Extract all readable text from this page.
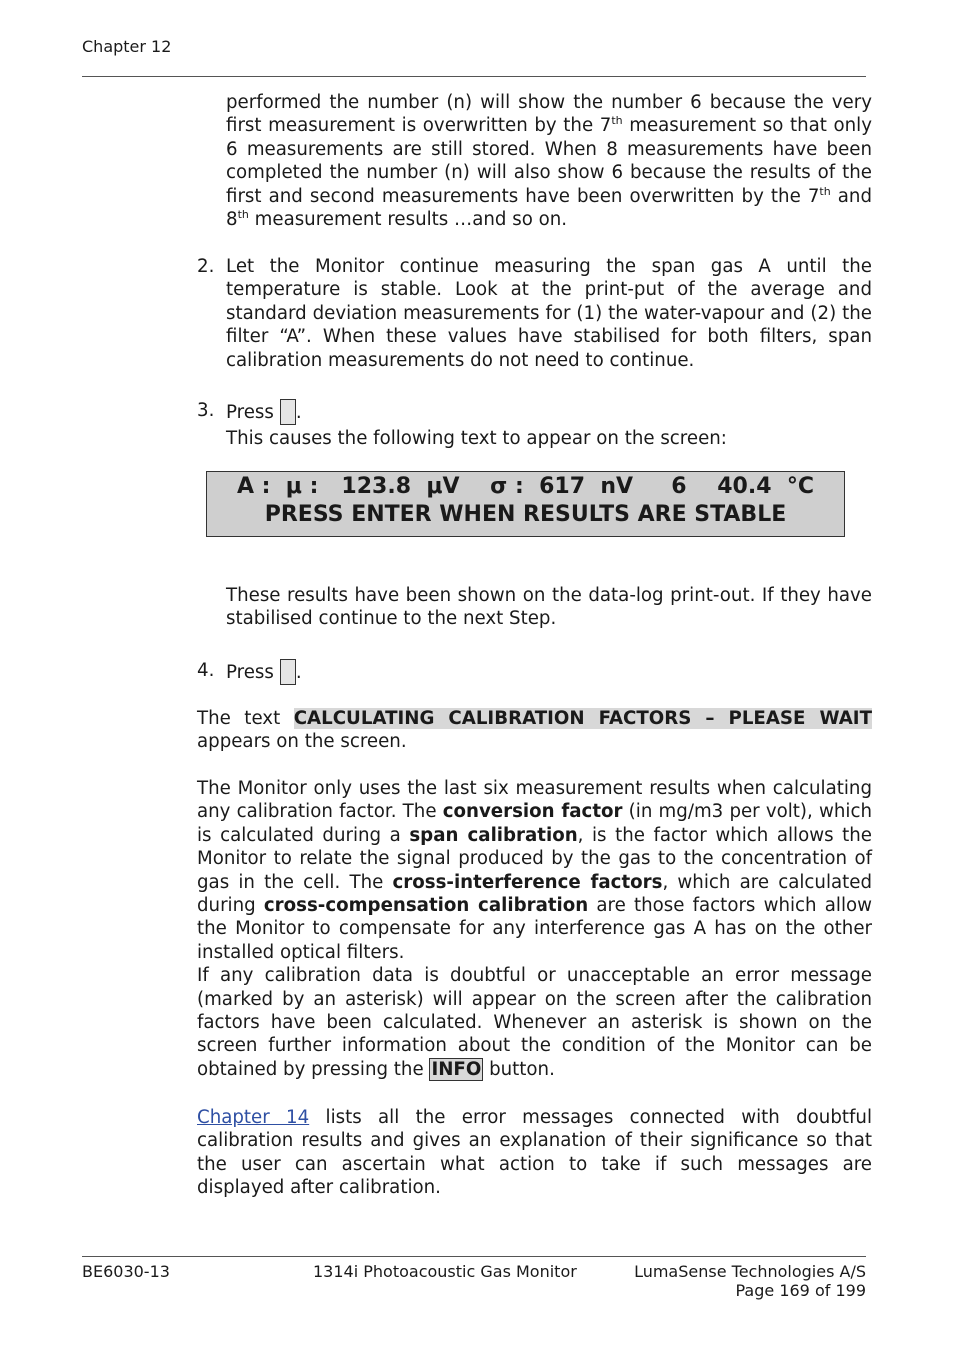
Chapter 12

performed the number (n) will show the number 6 because the very first measurement is overwritten by the 7th measurement so that only 6 measurements are still stored. When 8 measurements have been completed the number (n) will also show 6 because the results of the first and second measurements have been overwritten by the 7th and 8th measurement results …and so on.

2. Let the Monitor continue measuring the span gas A until the temperature is stable. Look at the print-put of the average and standard deviation measurements for (1) the water-vapour and (2) the filter “A”. When these values have stabilised for both filters, span calibration measurements do not need to continue.

3. Press .
This causes the following text to appear on the screen:
A :  μ :   123.8  μV    σ :  617  nV     6    40.4  °C
PRESS ENTER WHEN RESULTS ARE STABLE

These results have been shown on the data-log print-out. If they have stabilised continue to the next Step.

4. Press .

The text CALCULATING CALIBRATION FACTORS – PLEASE WAIT appears on the screen.

The Monitor only uses the last six measurement results when calculating any calibration factor. The conversion factor (in mg/m3 per volt), which is calculated during a span calibration, is the factor which allows the Monitor to relate the signal produced by the gas to the concentration of gas in the cell. The cross-interference factors, which are calculated during cross-compensation calibration are those factors which allow the Monitor to compensate for any interference gas A has on the other installed optical filters.

If any calibration data is doubtful or unacceptable an error message (marked by an asterisk) will appear on the screen after the calibration factors have been calculated. Whenever an asterisk is shown on the screen further information about the condition of the Monitor can be obtained by pressing the INFO button.

Chapter 14 lists all the error messages connected with doubtful calibration results and gives an explanation of their significance so that the user can ascertain what action to take if such messages are displayed after calibration.

BE6030-13	1314i Photoacoustic Gas Monitor	LumaSense Technologies A/S
Page 169 of 199
